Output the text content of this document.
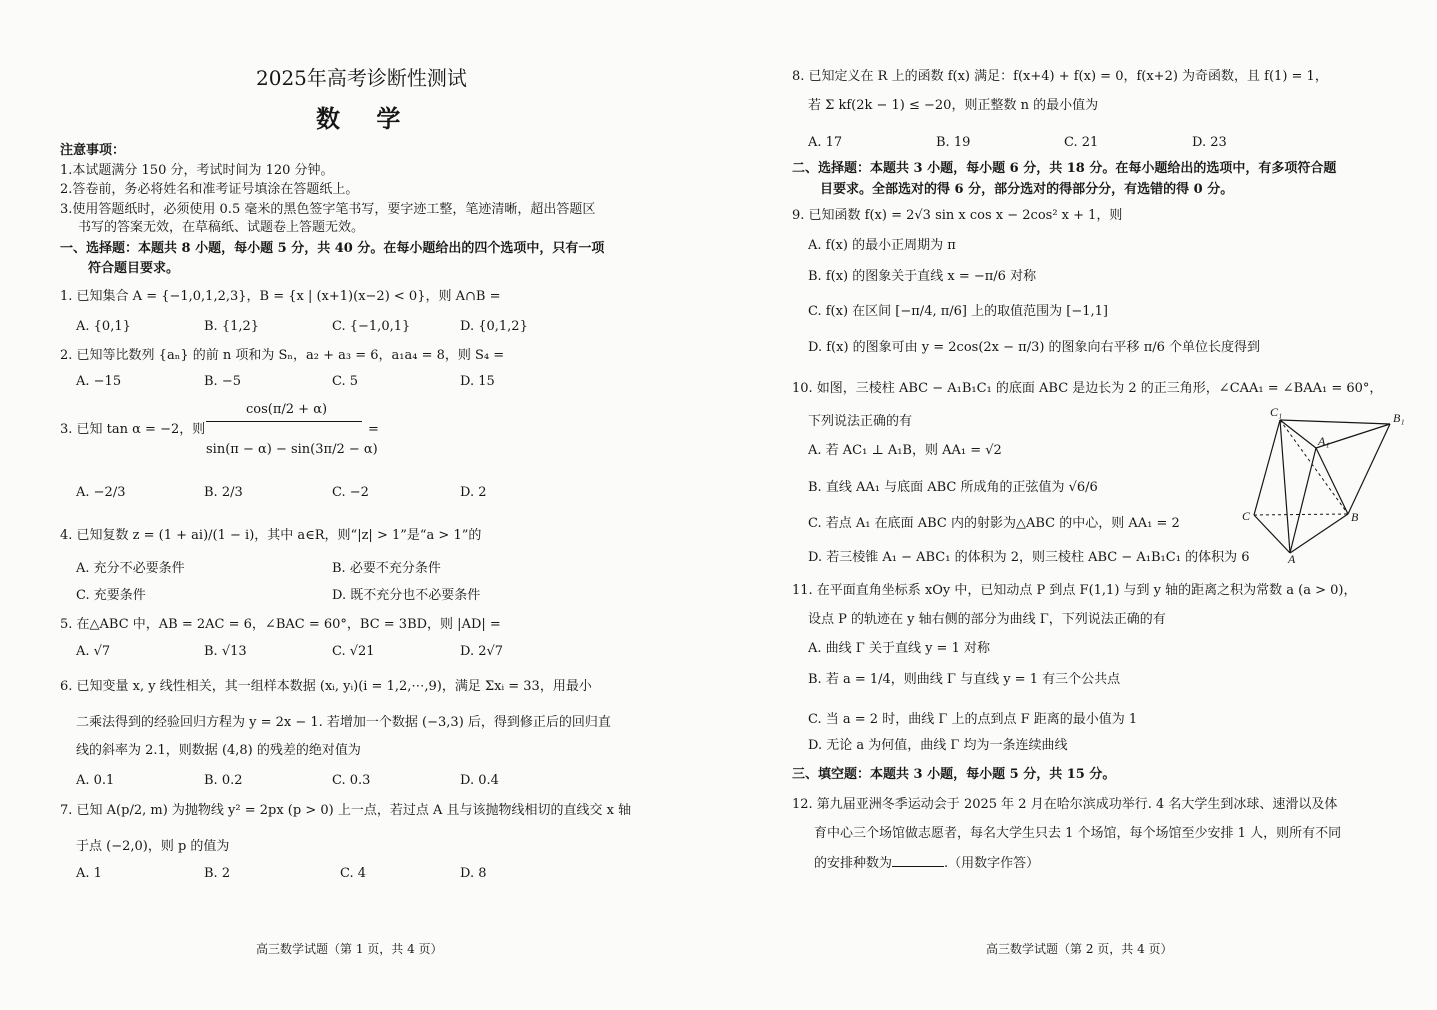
2025年高考诊断性测试
数 学
注意事项：
1.本试题满分 150 分，考试时间为 120 分钟。
2.答卷前，务必将姓名和准考证号填涂在答题纸上。
3.使用答题纸时，必须使用 0.5 毫米的黑色签字笔书写，要字迹工整，笔迹清晰，超出答题区
书写的答案无效，在草稿纸、试题卷上答题无效。
一、选择题：本题共 8 小题，每小题 5 分，共 40 分。在每小题给出的四个选项中，只有一项
符合题目要求。
1. 已知集合 A = {−1,0,1,2,3}，B = {x | (x+1)(x−2) < 0}，则 A∩B =
A. {0,1}	B. {1,2}	C. {−1,0,1}	D. {0,1,2}
2. 已知等比数列 {aₙ} 的前 n 项和为 Sₙ，a₂ + a₃ = 6，a₁a₄ = 8，则 S₄ =
A. −15	B. −5	C. 5	D. 15
3. 已知 tan α = −2，则
cos(π/2 + α)
sin(π − α) − sin(3π/2 − α)
=
A. −2/3	B. 2/3	C. −2	D. 2
4. 已知复数 z = (1 + ai)/(1 − i)，其中 a∈R，则“|z| > 1”是“a > 1”的
A. 充分不必要条件	B. 必要不充分条件
C. 充要条件	D. 既不充分也不必要条件
5. 在△ABC 中，AB = 2AC = 6，∠BAC = 60°，BC = 3BD，则 |AD| =
A. √7	B. √13	C. √21	D. 2√7
6. 已知变量 x, y 线性相关，其一组样本数据 (xᵢ, yᵢ)(i = 1,2,⋯,9)，满足 Σxᵢ = 33，用最小
二乘法得到的经验回归方程为 y = 2x − 1. 若增加一个数据 (−3,3) 后，得到修正后的回归直
线的斜率为 2.1，则数据 (4,8) 的残差的绝对值为
A. 0.1	B. 0.2	C. 0.3	D. 0.4
7. 已知 A(p/2, m) 为抛物线 y² = 2px (p > 0) 上一点，若过点 A 且与该抛物线相切的直线交 x 轴
于点 (−2,0)，则 p 的值为
A. 1	B. 2	C. 4	D. 8
高三数学试题（第 1 页，共 4 页）
8. 已知定义在 R 上的函数 f(x) 满足：f(x+4) + f(x) = 0，f(x+2) 为奇函数，且 f(1) = 1，
若 Σ kf(2k − 1) ≤ −20，则正整数 n 的最小值为
A. 17	B. 19	C. 21	D. 23
二、选择题：本题共 3 小题，每小题 6 分，共 18 分。在每小题给出的选项中，有多项符合题
目要求。全部选对的得 6 分，部分选对的得部分分，有选错的得 0 分。
9. 已知函数 f(x) = 2√3 sin x cos x − 2cos² x + 1，则
A. f(x) 的最小正周期为 π
B. f(x) 的图象关于直线 x = −π/6 对称
C. f(x) 在区间 [−π/4, π/6] 上的取值范围为 [−1,1]
D. f(x) 的图象可由 y = 2cos(2x − π/3) 的图象向右平移 π/6 个单位长度得到
10. 如图，三棱柱 ABC − A₁B₁C₁ 的底面 ABC 是边长为 2 的正三角形，∠CAA₁ = ∠BAA₁ = 60°，
下列说法正确的有
A. 若 AC₁ ⊥ A₁B，则 AA₁ = √2
B. 直线 AA₁ 与底面 ABC 所成角的正弦值为 √6/6
C. 若点 A₁ 在底面 ABC 内的射影为△ABC 的中心，则 AA₁ = 2
D. 若三棱锥 A₁ − ABC₁ 的体积为 2，则三棱柱 ABC − A₁B₁C₁ 的体积为 6
C₁
A₁
B₁
C	B
A
11. 在平面直角坐标系 xOy 中，已知动点 P 到点 F(1,1) 与到 y 轴的距离之积为常数 a (a > 0)，
设点 P 的轨迹在 y 轴右侧的部分为曲线 Γ，下列说法正确的有
A. 曲线 Γ 关于直线 y = 1 对称
B. 若 a = 1/4，则曲线 Γ 与直线 y = 1 有三个公共点
C. 当 a = 2 时，曲线 Γ 上的点到点 F 距离的最小值为 1
D. 无论 a 为何值，曲线 Γ 均为一条连续曲线
三、填空题：本题共 3 小题，每小题 5 分，共 15 分。
12. 第九届亚洲冬季运动会于 2025 年 2 月在哈尔滨成功举行. 4 名大学生到冰球、速滑以及体
育中心三个场馆做志愿者，每名大学生只去 1 个场馆，每个场馆至少安排 1 人，则所有不同
的安排种数为	.（用数字作答）
高三数学试题（第 2 页，共 4 页）
